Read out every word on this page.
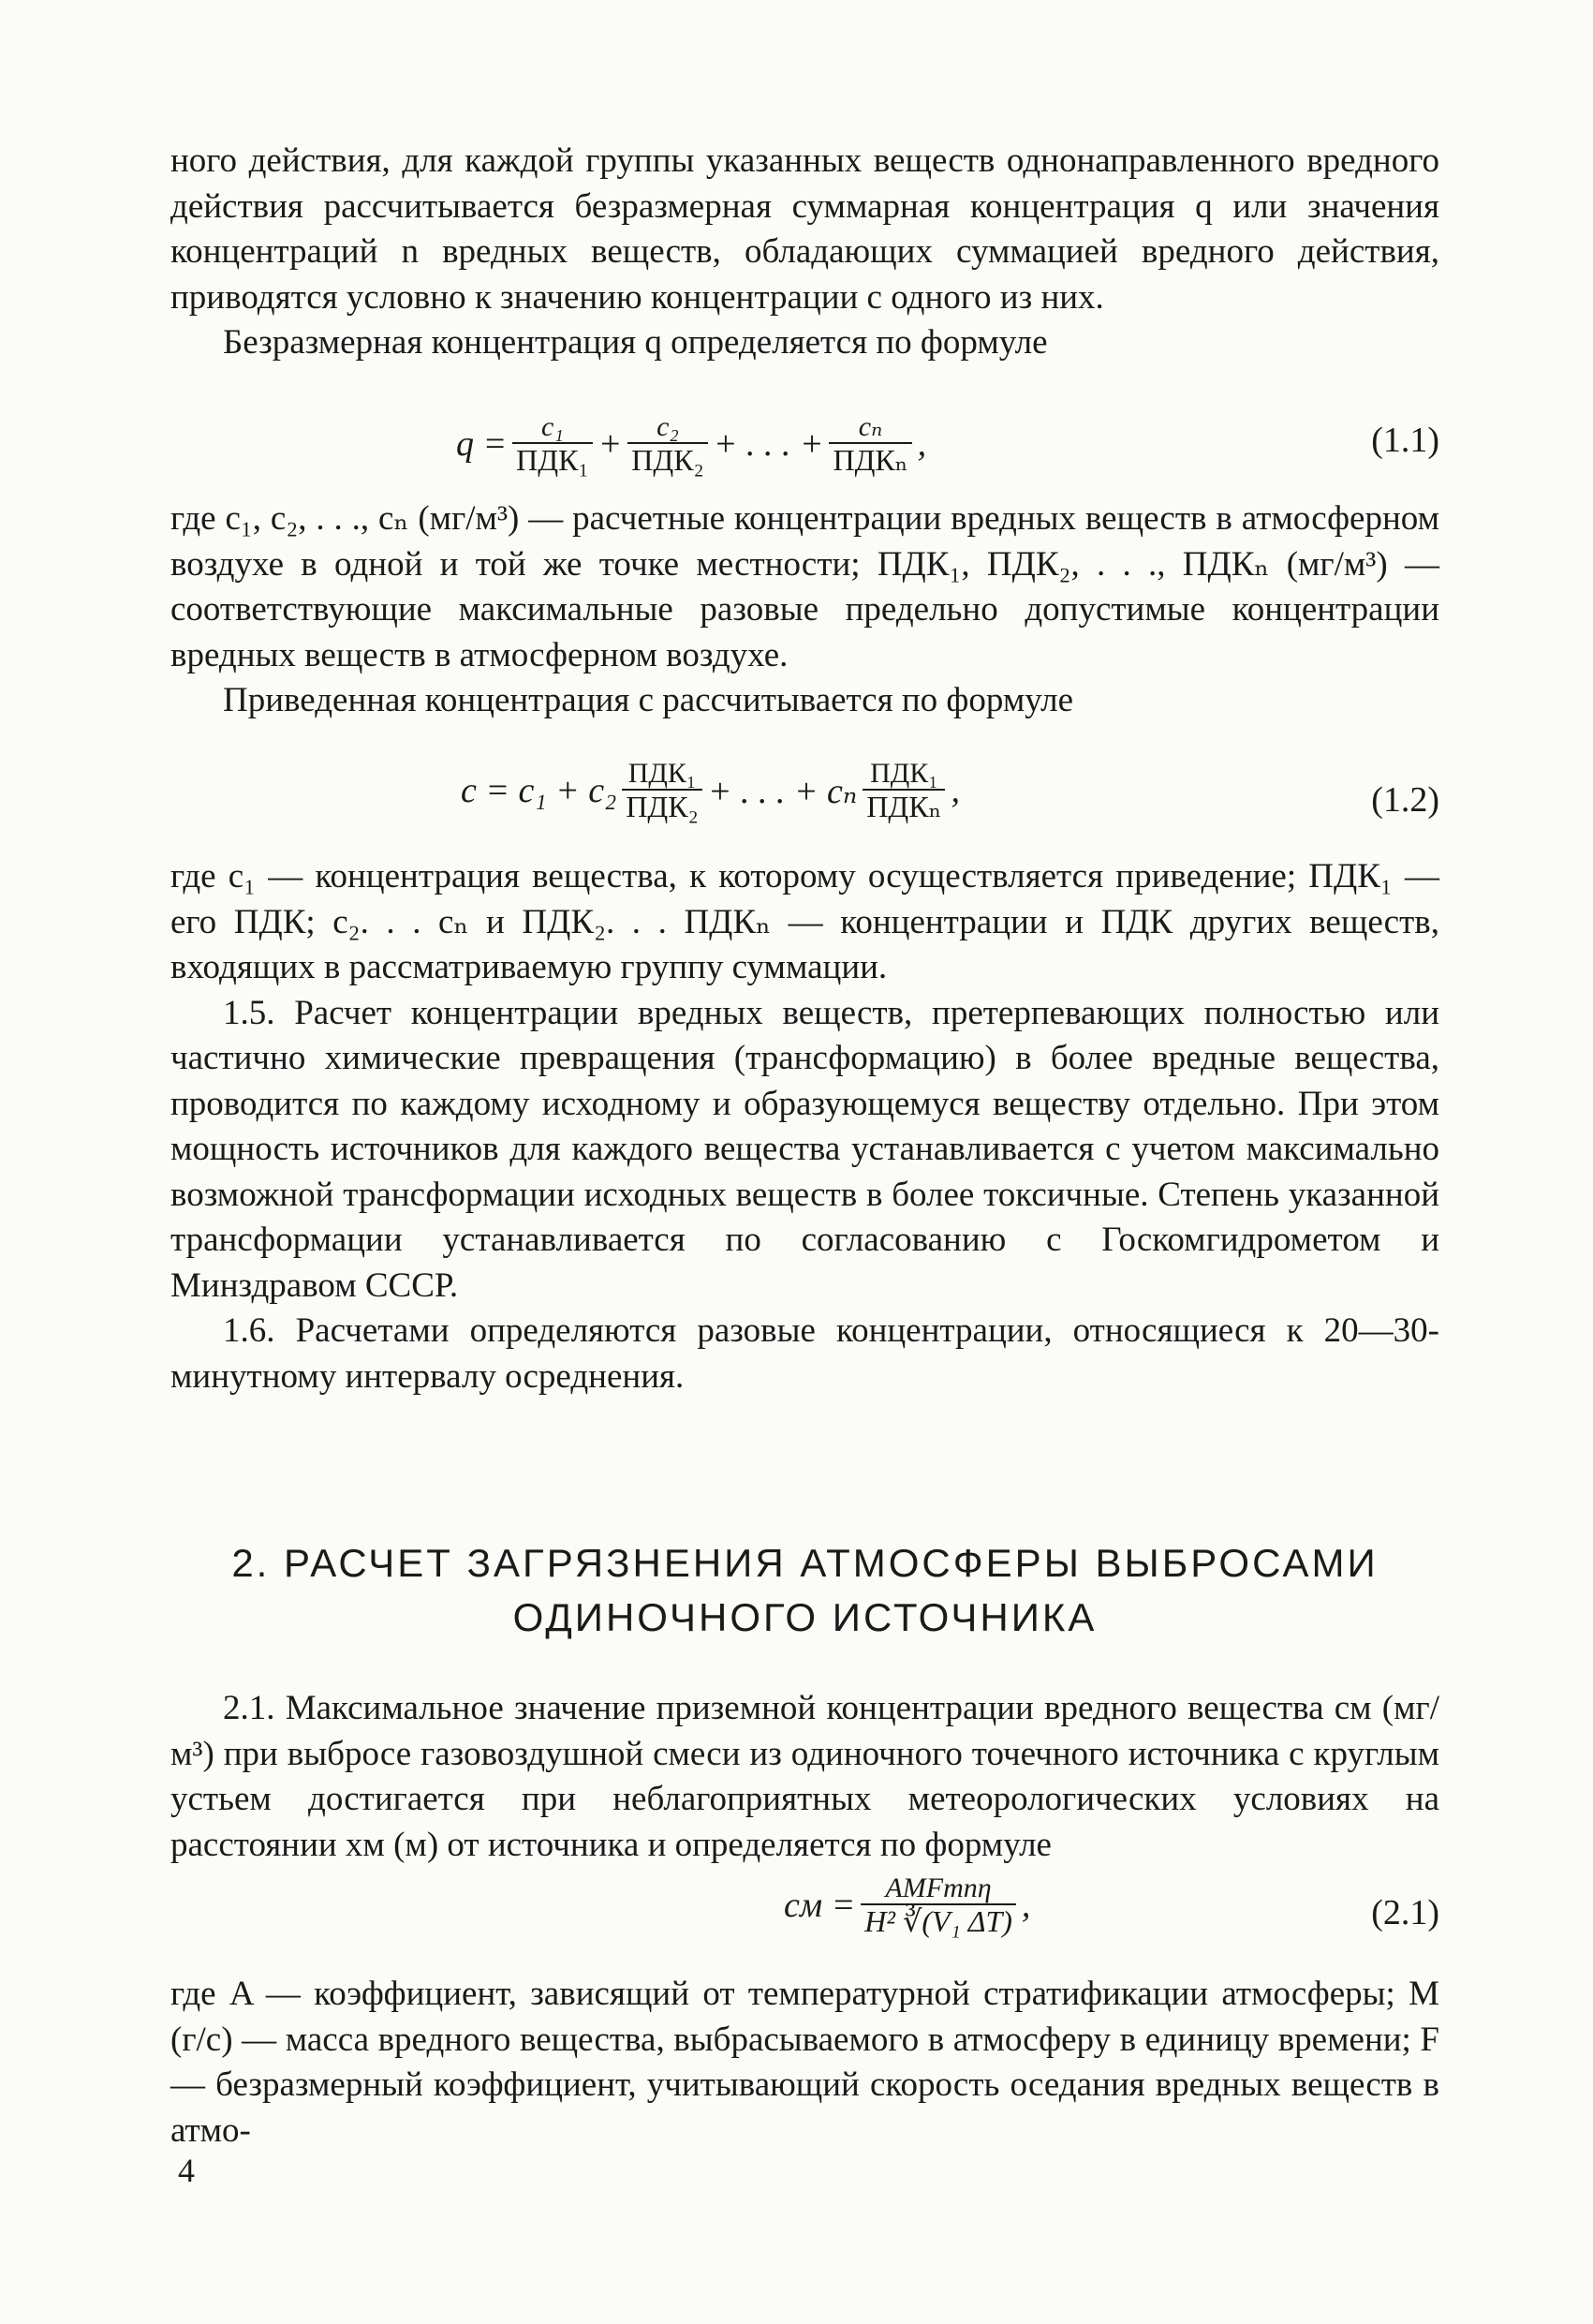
ного действия, для каждой группы указанных веществ однонаправленного вредного действия рассчитывается безразмерная суммарная концентрация q или значения концентраций n вредных веществ, обладающих суммацией вредного действия, приводятся условно к значению концентрации c одного из них.

Безразмерная концентрация q определяется по формуле

$q = \frac{\text{c₁}}{\text{ПДК₁}} + \frac{\text{c₂}}{\text{ПДК₂}}$ + . . . + $\frac{\text{cₙ}}{\text{ПДКₙ}}$ ,	(1.1)

где c₁, c₂, . . ., cₙ (мг/м³) — расчетные концентрации вредных веществ в атмосферном воздухе в одной и той же точке местности; ПДК₁, ПДК₂, . . ., ПДКₙ (мг/м³) — соответствующие максимальные разовые предельно допустимые концентрации вредных веществ в атмосферном воздухе.

Приведенная концентрация c рассчитывается по формуле

$c = c_1 + c_2 \frac{\text{ПДК₁}}{\text{ПДК₂}}$ + . . . + cₙ $\frac{\text{ПДК₁}}{\text{ПДКₙ}}$ ,	(1.2)

где c₁ — концентрация вещества, к которому осуществляется приведение; ПДК₁ — его ПДК; c₂. . . cₙ и ПДК₂. . . ПДКₙ — концентрации и ПДК других веществ, входящих в рассматриваемую группу суммации.

1.5. Расчет концентрации вредных веществ, претерпевающих полностью или частично химические превращения (трансформацию) в более вредные вещества, проводится по каждому исходному и образующемуся веществу отдельно. При этом мощность источников для каждого вещества устанавливается с учетом максимально возможной трансформации исходных веществ в более токсичные. Степень указанной трансформации устанавливается по согласованию с Госкомгидрометом и Минздравом СССР.

1.6. Расчетами определяются разовые концентрации, относящиеся к 20—30-минутному интервалу осреднения.

2. РАСЧЕТ ЗАГРЯЗНЕНИЯ АТМОСФЕРЫ ВЫБРОСАМИ
ОДИНОЧНОГО ИСТОЧНИКА

2.1. Максимальное значение приземной концентрации вредного вещества cм (мг/м³) при выбросе газовоздушной смеси из одиночного точечного источника с круглым устьем достигается при неблагоприятных метеорологических условиях на расстоянии xм (м) от источника и определяется по формуле

cм = $\frac{\text{AMFmnη}}{\text{H² ∛(V₁ ΔT)}}$ ,	(2.1)

где A — коэффициент, зависящий от температурной стратификации атмосферы; M (г/с) — масса вредного вещества, выбрасываемого в атмосферу в единицу времени; F — безразмерный коэффициент, учитывающий скорость оседания вредных веществ в атмо-

4
